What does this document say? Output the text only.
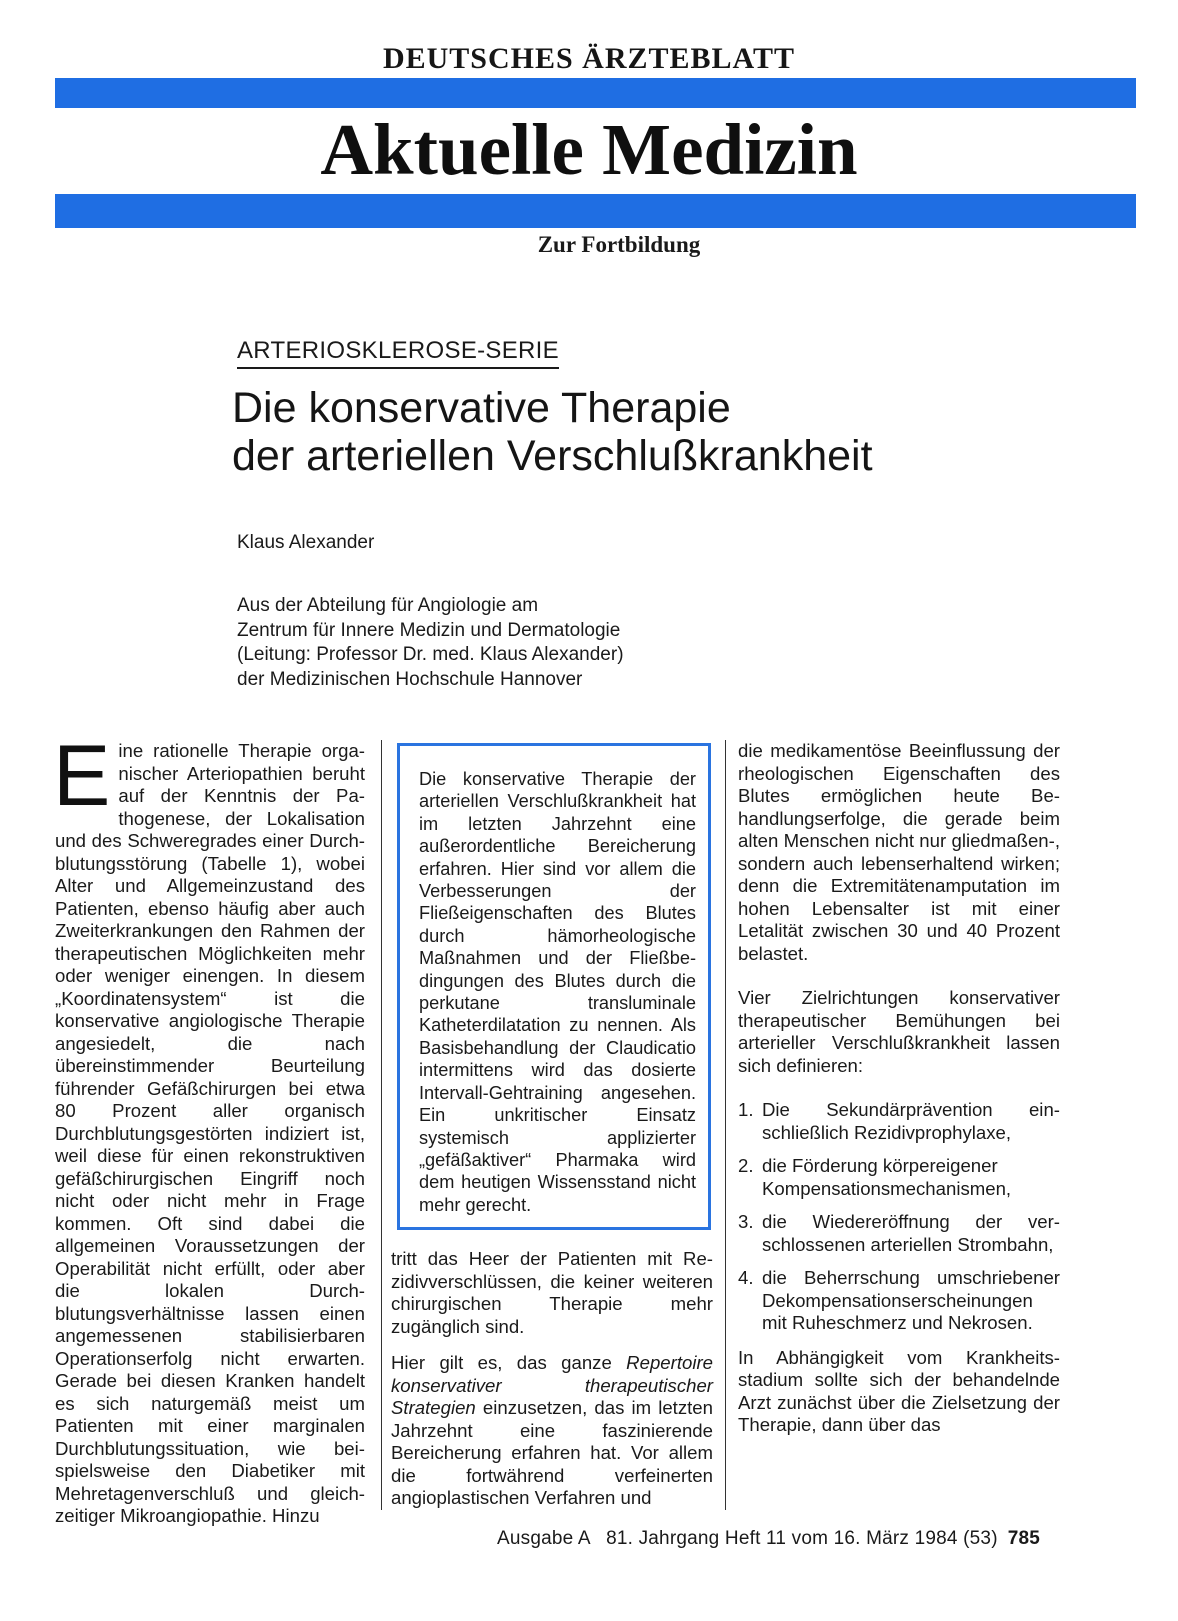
DEUTSCHES ÄRZTEBLATT
Aktuelle Medizin
Zur Fortbildung
ARTERIOSKLEROSE-SERIE
Die konservative Therapie
der arteriellen Verschlußkrankheit
Klaus Alexander
Aus der Abteilung für Angiologie am
Zentrum für Innere Medizin und Dermatologie
(Leitung: Professor Dr. med. Klaus Alexander)
der Medizinischen Hochschule Hannover
E ine rationelle Therapie organischer Arteriopathien beruht auf der Kenntnis der Pathogenese, der Lokalisation und des Schweregrades einer Durchblutungsstörung (Tabelle 1), wobei Alter und Allgemeinzustand des Patienten, ebenso häufig aber auch Zweiterkrankungen den Rahmen der therapeutischen Möglichkeiten mehr oder weniger einengen. In diesem „Koordinatensystem“ ist die konservative angiologische Therapie angesiedelt, die nach übereinstimmender Beurteilung führender Gefäßchirurgen bei etwa 80 Prozent aller organisch Durchblutungsgestörten indiziert ist, weil diese für einen rekonstruktiven gefäßchirurgischen Eingriff noch nicht oder nicht mehr in Frage kommen. Oft sind dabei die allgemeinen Voraussetzungen der Operabilität nicht erfüllt, oder aber die lokalen Durchblutungsverhältnisse lassen einen angemessenen stabilisierbaren Operationserfolg nicht erwarten. Gerade bei diesen Kranken handelt es sich naturgemäß meist um Patienten mit einer marginalen Durchblutungssituation, wie beispielsweise den Diabetiker mit Mehretagenverschluß und gleichzeitiger Mikroangiopathie. Hinzu

Die konservative Therapie der arteriellen Verschlußkrankheit hat im letzten Jahrzehnt eine außerordentliche Bereicherung erfahren. Hier sind vor allem die Verbesserungen der Fließeigenschaften des Blutes durch hämorheologische Maßnahmen und der Fließbedingungen des Blutes durch die perkutane transluminale Katheterdilatation zu nennen. Als Basisbehandlung der Claudicatio intermittens wird das dosierte Intervall-Gehtraining angesehen. Ein unkritischer Einsatz systemisch applizierter „gefäßaktiver“ Pharmaka wird dem heutigen Wissensstand nicht mehr gerecht.

tritt das Heer der Patienten mit Rezidivverschlüssen, die keiner weiteren chirurgischen Therapie mehr zugänglich sind.

Hier gilt es, das ganze Repertoire konservativer therapeutischer Strategien einzusetzen, das im letzten Jahrzehnt eine faszinierende Bereicherung erfahren hat. Vor allem die fortwährend verfeinerten angioplastischen Verfahren und

die medikamentöse Beeinflussung der rheologischen Eigenschaften des Blutes ermöglichen heute Behandlungserfolge, die gerade beim alten Menschen nicht nur gliedmaßen-, sondern auch lebenserhaltend wirken; denn die Extremitätenamputation im hohen Lebensalter ist mit einer Letalität zwischen 30 und 40 Prozent belastet.

Vier Zielrichtungen konservativer therapeutischer Bemühungen bei arterieller Verschlußkrankheit lassen sich definieren:

1. Die Sekundärprävention einschließlich Rezidivprophylaxe,
2. die Förderung körpereigener Kompensationsmechanismen,
3. die Wiedereröffnung der verschlossenen arteriellen Strombahn,
4. die Beherrschung umschriebener Dekompensationserscheinungen mit Ruheschmerz und Nekrosen.

In Abhängigkeit vom Krankheitsstadium sollte sich der behandelnde Arzt zunächst über die Zielsetzung der Therapie, dann über das

Ausgabe A   81. Jahrgang Heft 11 vom 16. März 1984 (53) 785
